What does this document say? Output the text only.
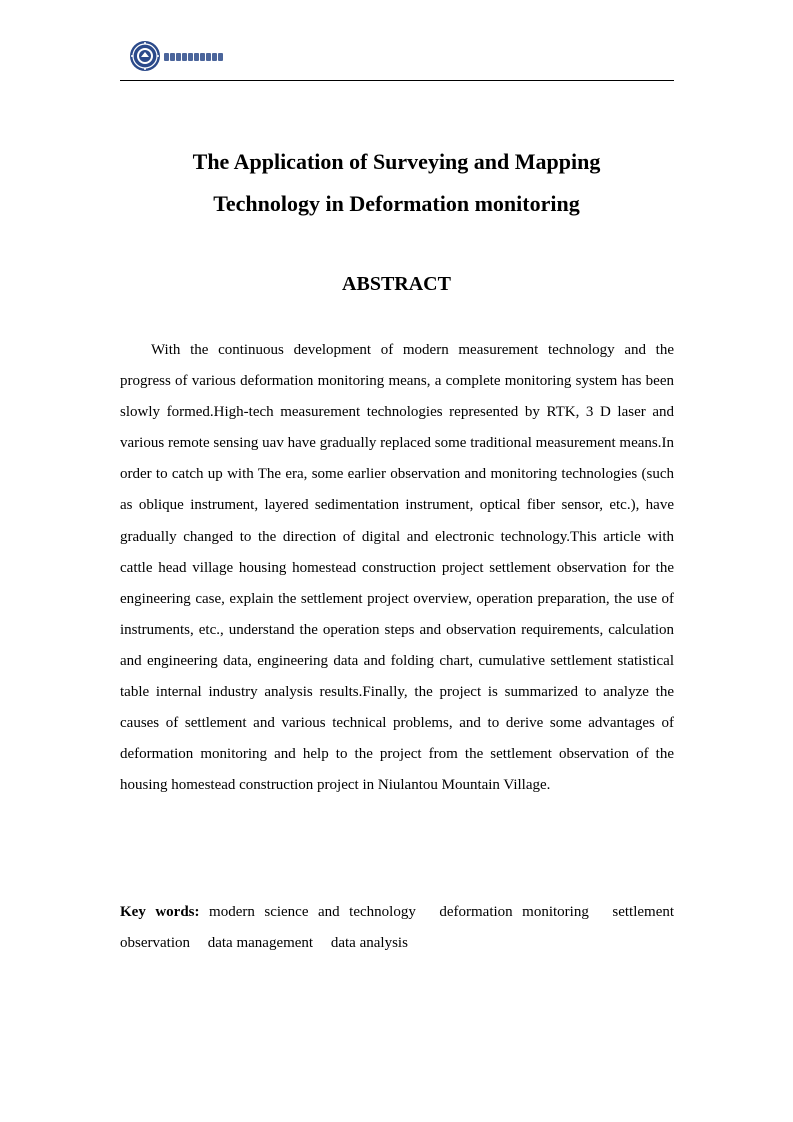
The Application of Surveying and Mapping
Technology in Deformation monitoring
ABSTRACT

With the continuous development of modern measurement technology and the progress of various deformation monitoring means, a complete monitoring system has been slowly formed.High-tech measurement technologies represented by RTK, 3 D laser and various remote sensing uav have gradually replaced some traditional measurement means.In order to catch up with The era, some earlier observation and monitoring technologies (such as oblique instrument, layered sedimentation instrument, optical fiber sensor, etc.), have gradually changed to the direction of digital and electronic technology.This article with cattle head village housing homestead construction project settlement observation for the engineering case, explain the settlement project overview, operation preparation, the use of instruments, etc., understand the operation steps and observation requirements, calculation and engineering data, engineering data and folding chart, cumulative settlement statistical table internal industry analysis results.Finally, the project is summarized to analyze the causes of settlement and various technical problems, and to derive some advantages of deformation monitoring and help to the project from the settlement observation of the housing homestead construction project in Niulantou Mountain Village.

Key words: modern science and technology deformation monitoring settlement observation data management data analysis
